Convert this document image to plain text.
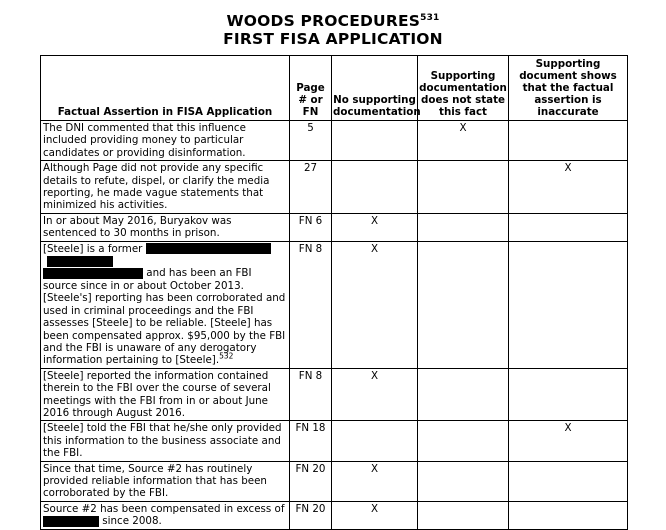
WOODS PROCEDURES$^{531}$
FIRST FISA APPLICATION
Factual Assertion in FISA Application	Page # or FN	No supporting documentation	Supporting documentation does not state this fact	Supporting document shows that the factual assertion is inaccurate
The DNI commented that this influence included providing money to particular candidates or providing disinformation.	5		X	
Although Page did not provide any specific details to refute, dispel, or clarify the media reporting, he made vague statements that minimized his activities.	27			X
In or about May 2016, Buryakov was sentenced to 30 months in prison.	FN 6	X		
[Steele] is a former
and has been an FBI source since in or about October 2013. [Steele's] reporting has been corroborated and used in criminal proceedings and the FBI assesses [Steele] to be reliable. [Steele] has been compensated approx. $95,000 by the FBI and the FBI is unaware of any derogatory information pertaining to [Steele].$^{532}$	FN 8	X		
[Steele] reported the information contained therein to the FBI over the course of several meetings with the FBI from in or about June 2016 through August 2016.	FN 8	X		
[Steele] told the FBI that he/she only provided this information to the business associate and the FBI.	FN 18			X
Since that time, Source #2 has routinely provided reliable information that has been corroborated by the FBI.	FN 20	X		
Source #2 has been compensated in excess of
since 2008.	FN 20	X		
